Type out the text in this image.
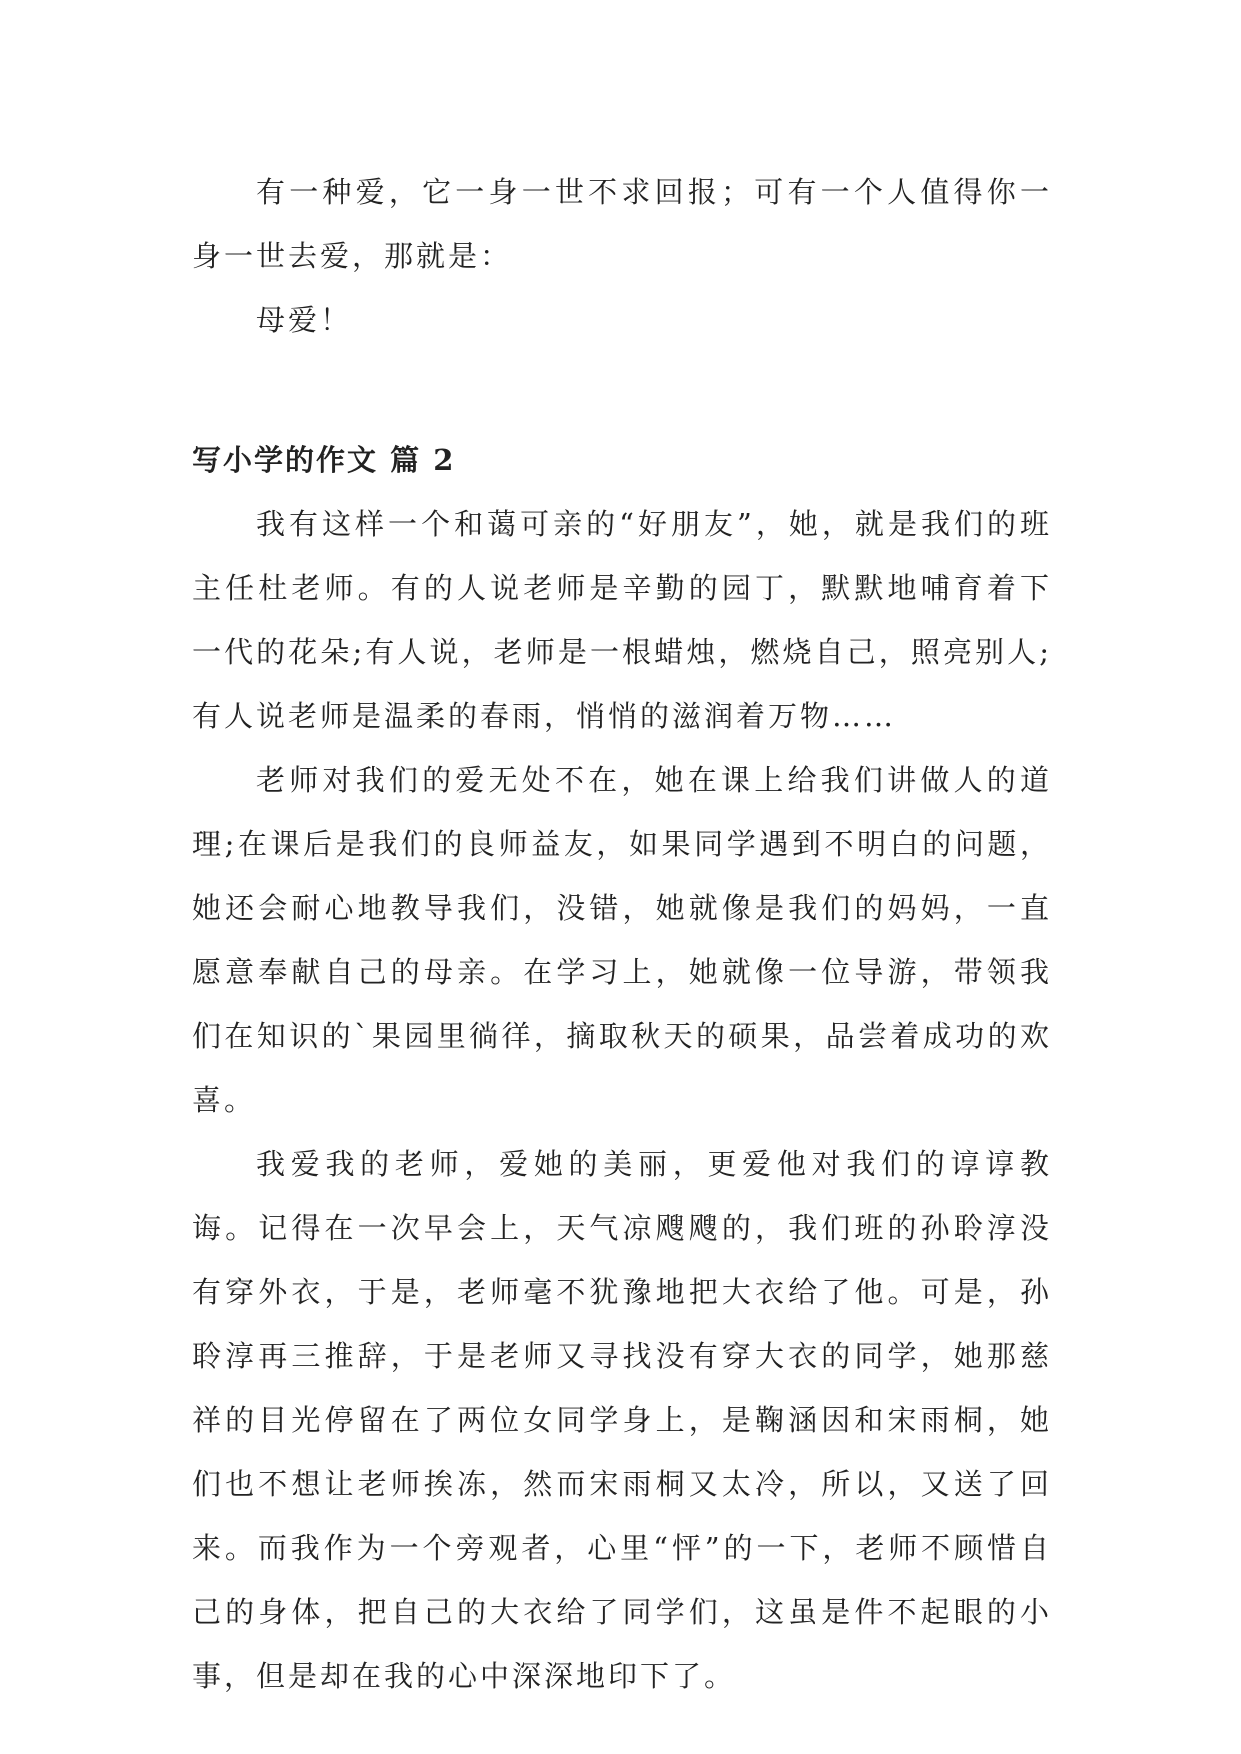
有一种爱，它一身一世不求回报；可有一个人值得你一身一世去爱，那就是：

母爱！

写小学的作文 篇 2

我有这样一个和蔼可亲的“好朋友”，她，就是我们的班主任杜老师。有的人说老师是辛勤的园丁，默默地哺育着下一代的花朵;有人说，老师是一根蜡烛，燃烧自己，照亮别人;有人说老师是温柔的春雨，悄悄的滋润着万物……

老师对我们的爱无处不在，她在课上给我们讲做人的道理;在课后是我们的良师益友，如果同学遇到不明白的问题，她还会耐心地教导我们，没错，她就像是我们的妈妈，一直愿意奉献自己的母亲。在学习上，她就像一位导游，带领我们在知识的`果园里徜徉，摘取秋天的硕果，品尝着成功的欢喜。

我爱我的老师，爱她的美丽，更爱他对我们的谆谆教诲。记得在一次早会上，天气凉飕飕的，我们班的孙聆淳没有穿外衣，于是，老师毫不犹豫地把大衣给了他。可是，孙聆淳再三推辞，于是老师又寻找没有穿大衣的同学，她那慈祥的目光停留在了两位女同学身上，是鞠涵因和宋雨桐，她们也不想让老师挨冻，然而宋雨桐又太冷，所以，又送了回来。而我作为一个旁观者，心里“怦”的一下，老师不顾惜自己的身体，把自己的大衣给了同学们，这虽是件不起眼的小事，但是却在我的心中深深地印下了。
